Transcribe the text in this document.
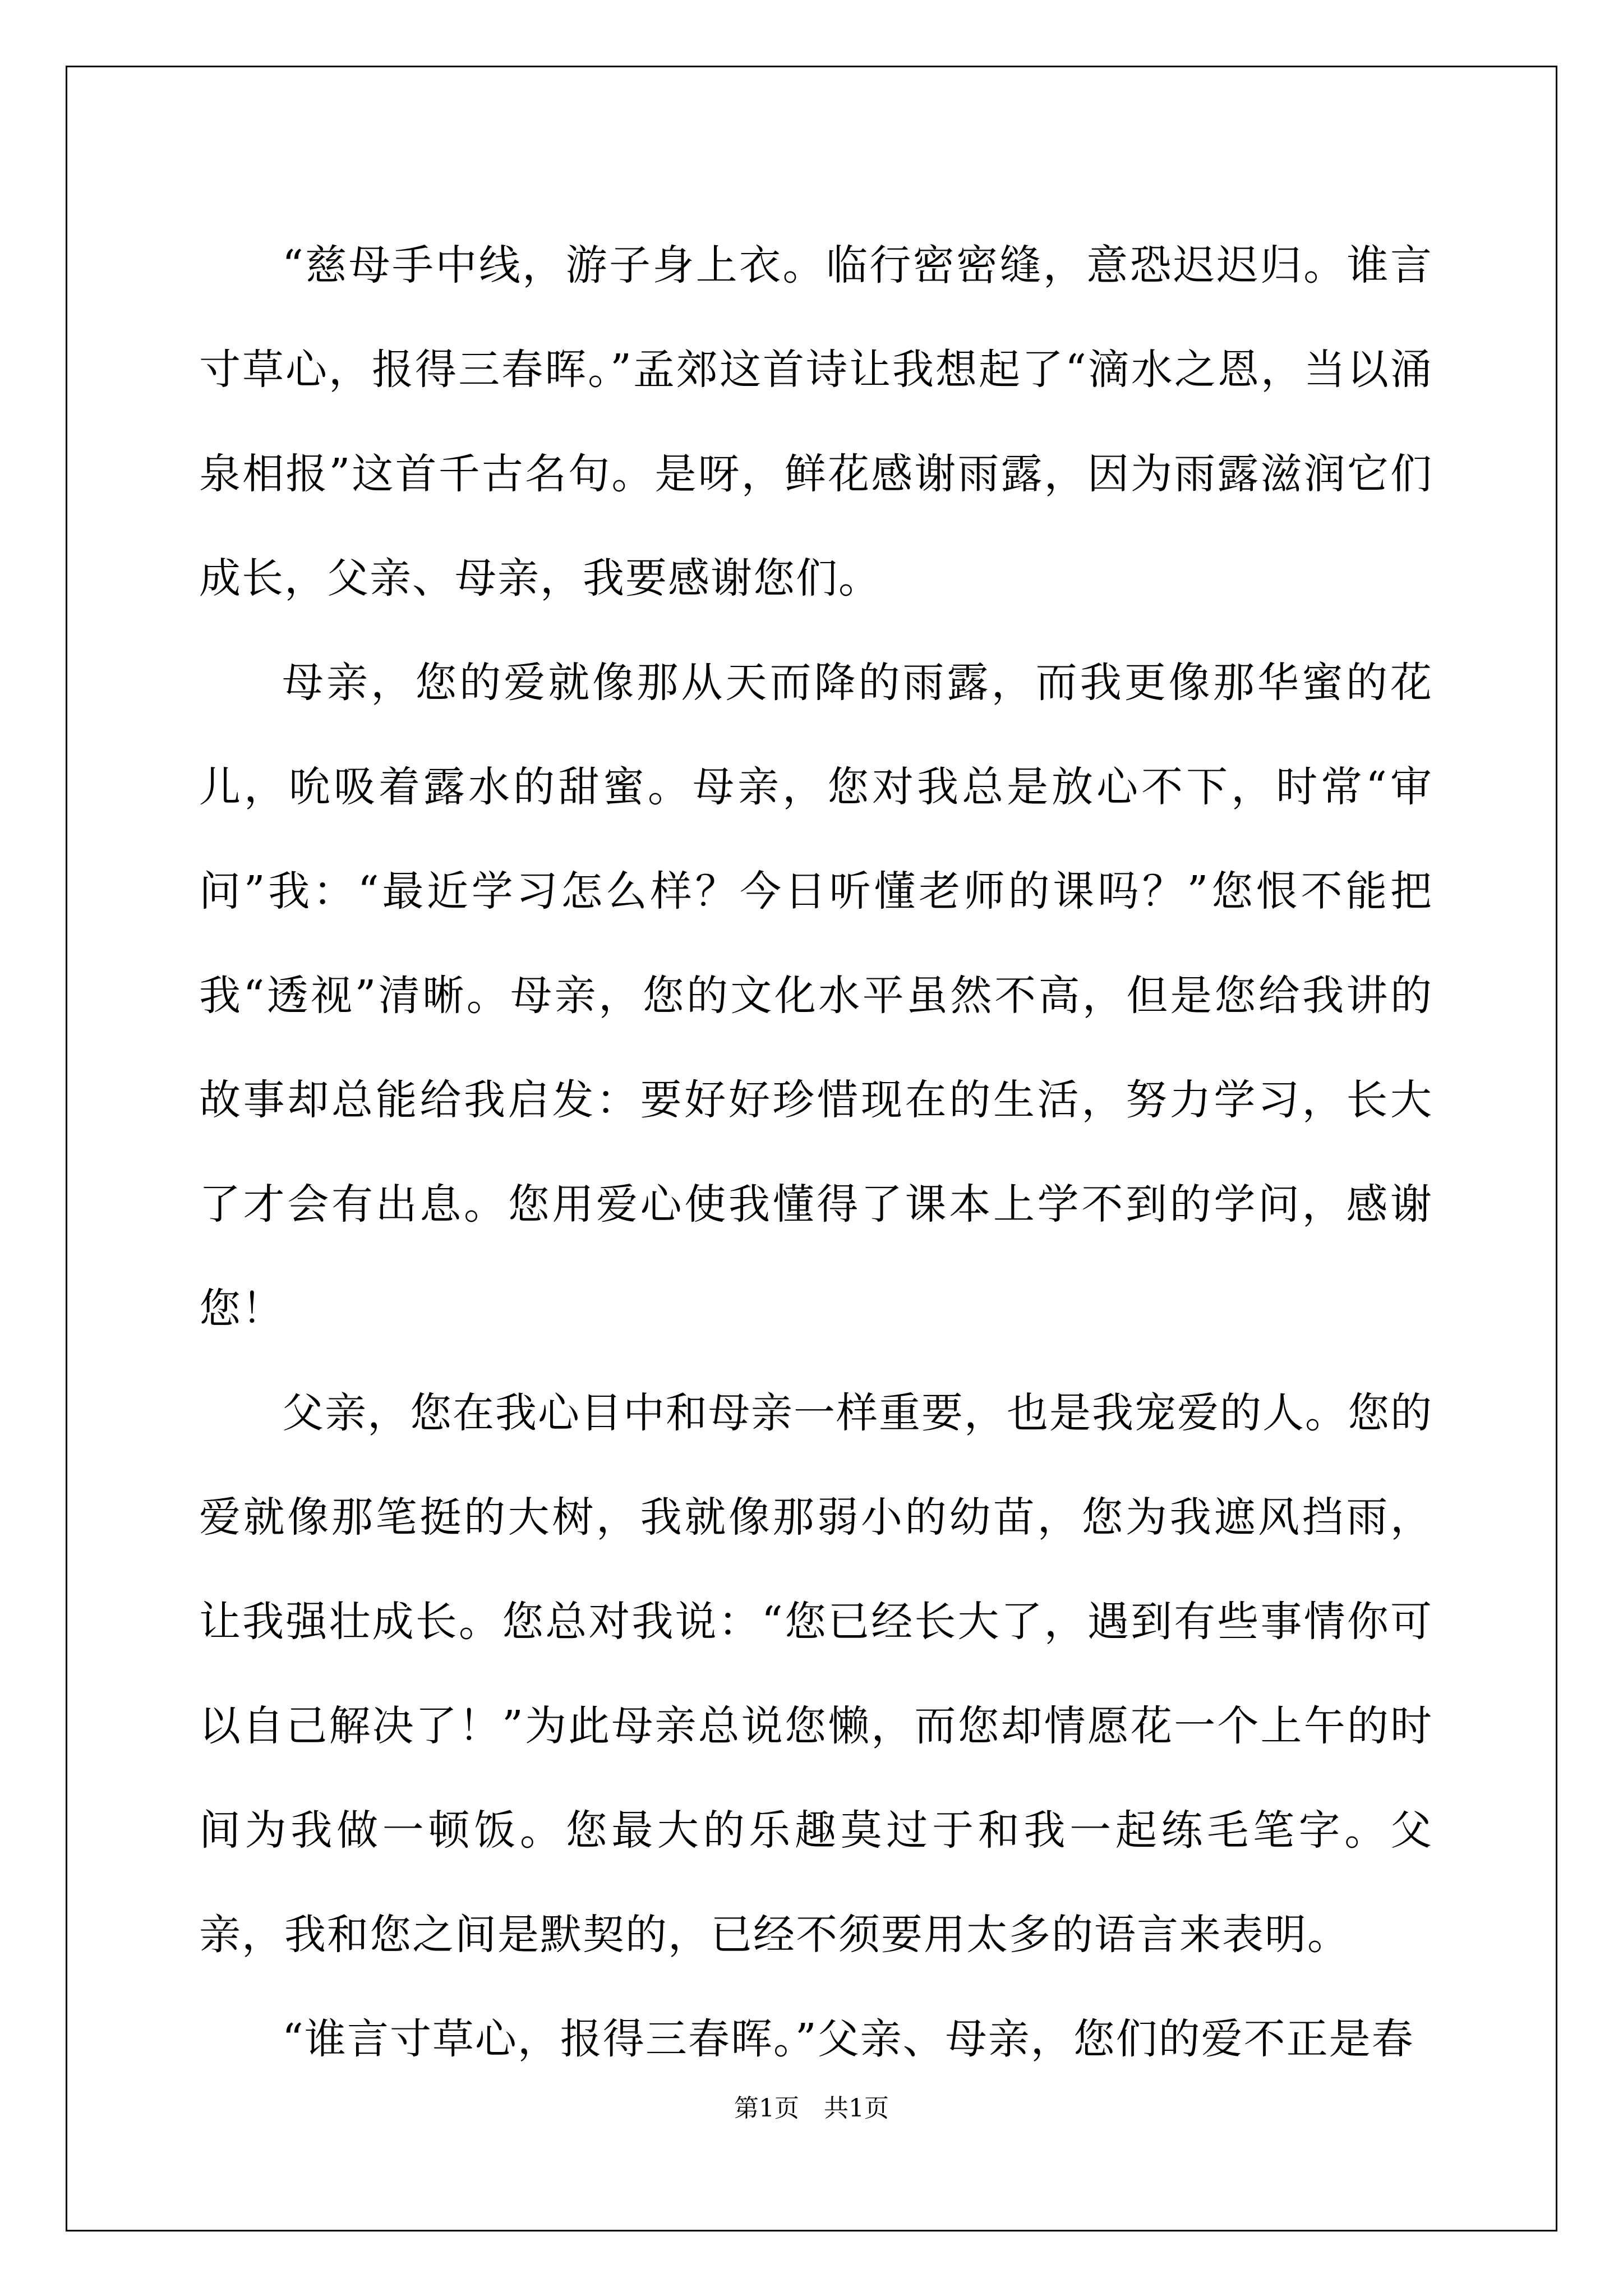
“慈母手中线，游子身上衣。临行密密缝，意恐迟迟归。谁言寸草心，报得三春晖。”孟郊这首诗让我想起了“滴水之恩，当以涌泉相报”这首千古名句。是呀，鲜花感谢雨露，因为雨露滋润它们成长，父亲、母亲，我要感谢您们。

母亲，您的爱就像那从天而降的雨露，而我更像那华蜜的花儿，吮吸着露水的甜蜜。母亲，您对我总是放心不下，时常“审问”我：“最近学习怎么样？今日听懂老师的课吗？”您恨不能把我“透视”清晰。母亲，您的文化水平虽然不高，但是您给我讲的故事却总能给我启发：要好好珍惜现在的生活，努力学习，长大了才会有出息。您用爱心使我懂得了课本上学不到的学问，感谢您！

父亲，您在我心目中和母亲一样重要，也是我宠爱的人。您的爱就像那笔挺的大树，我就像那弱小的幼苗，您为我遮风挡雨，让我强壮成长。您总对我说：“您已经长大了，遇到有些事情你可以自己解决了！”为此母亲总说您懒，而您却情愿花一个上午的时间为我做一顿饭。您最大的乐趣莫过于和我一起练毛笔字。父亲，我和您之间是默契的，已经不须要用太多的语言来表明。

“谁言寸草心，报得三春晖。”父亲、母亲，您们的爱不正是春

第1页 共1页
